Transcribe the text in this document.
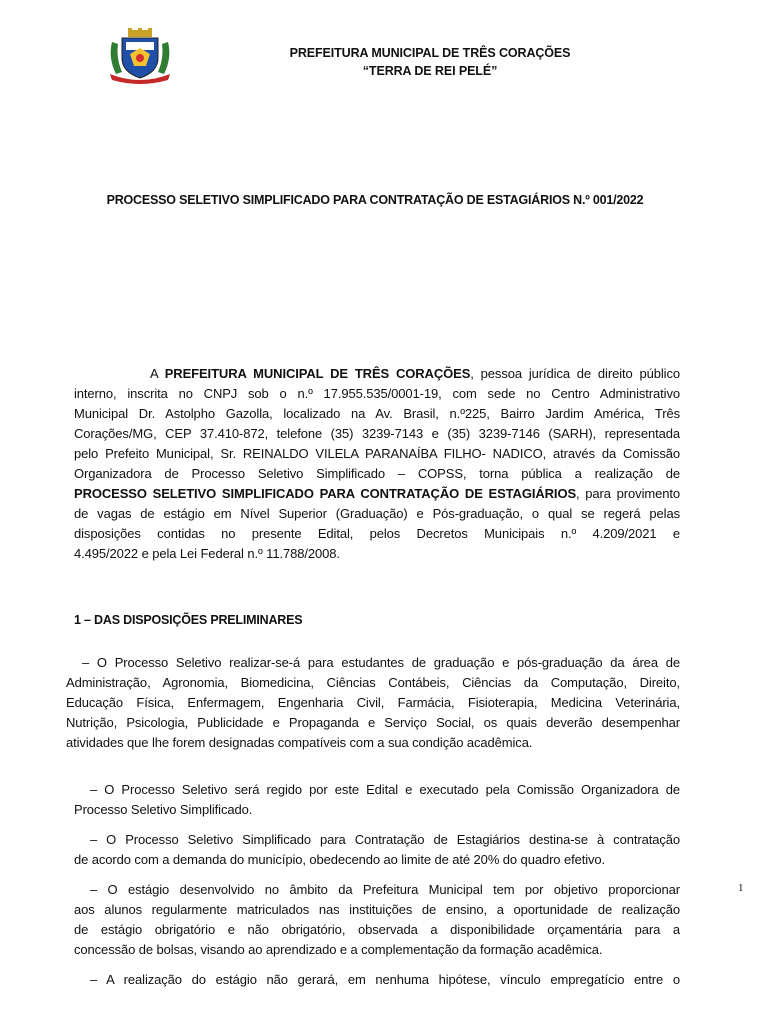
PREFEITURA MUNICIPAL DE TRÊS CORAÇÕES
“TERRA DE REI PELÉ”
PROCESSO SELETIVO SIMPLIFICADO PARA CONTRATAÇÃO DE ESTAGIÁRIOS N.º 001/2022
A PREFEITURA MUNICIPAL DE TRÊS CORAÇÕES, pessoa jurídica de direito público
interno, inscrita no CNPJ sob o n.º 17.955.535/0001-19, com sede no Centro Administrativo
Municipal Dr. Astolpho Gazolla, localizado na Av. Brasil, n.º225, Bairro Jardim América, Três
Corações/MG, CEP 37.410-872, telefone (35) 3239-7143 e (35) 3239-7146 (SARH), representada
pelo Prefeito Municipal, Sr. REINALDO VILELA PARANAÍBA FILHO- NADICO, através da Comissão
Organizadora de Processo Seletivo Simplificado – COPSS, torna pública a realização de
PROCESSO SELETIVO SIMPLIFICADO PARA CONTRATAÇÃO DE ESTAGIÁRIOS, para provimento
de vagas de estágio em Nível Superior (Graduação) e Pós-graduação, o qual se regerá pelas
disposições contidas no presente Edital, pelos Decretos Municipais n.º 4.209/2021 e
4.495/2022 e pela Lei Federal n.º 11.788/2008.
1 – DAS DISPOSIÇÕES PRELIMINARES
– O Processo Seletivo realizar-se-á para estudantes de graduação e pós-graduação da área de
Administração, Agronomia, Biomedicina, Ciências Contábeis, Ciências da Computação, Direito,
Educação Física, Enfermagem, Engenharia Civil, Farmácia, Fisioterapia, Medicina Veterinária,
Nutrição, Psicologia, Publicidade e Propaganda e Serviço Social, os quais deverão desempenhar
atividades que lhe forem designadas compatíveis com a sua condição acadêmica.
– O Processo Seletivo será regido por este Edital e executado pela Comissão Organizadora de
Processo Seletivo Simplificado.
– O Processo Seletivo Simplificado para Contratação de Estagiários destina-se à contratação
de acordo com a demanda do município, obedecendo ao limite de até 20% do quadro efetivo.
– O estágio desenvolvido no âmbito da Prefeitura Municipal tem por objetivo proporcionar
aos alunos regularmente matriculados nas instituições de ensino, a oportunidade de realização
de estágio obrigatório e não obrigatório, observada a disponibilidade orçamentária para a
concessão de bolsas, visando ao aprendizado e a complementação da formação acadêmica.
– A realização do estágio não gerará, em nenhuma hipótese, vínculo empregatício entre o
1
